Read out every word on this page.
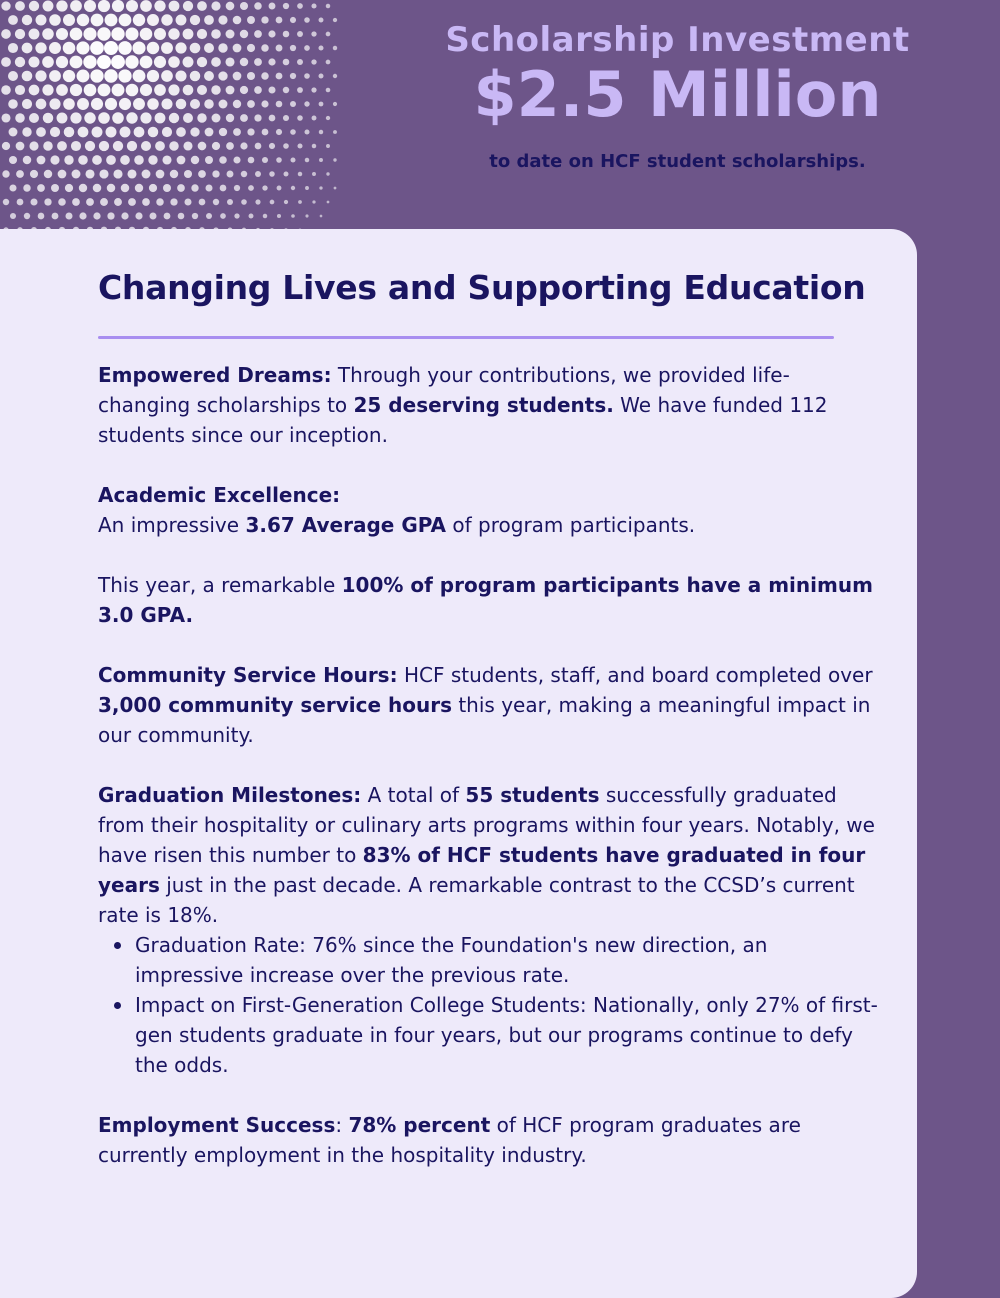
Scholarship Investment
$2.5 Million
to date on HCF student scholarships.
Changing Lives and Supporting Education

Empowered Dreams: Through your contributions, we provided life-changing scholarships to 25 deserving students. We have funded 112 students since our inception.

Academic Excellence:
An impressive 3.67 Average GPA of program participants.

This year, a remarkable 100% of program participants have a minimum 3.0 GPA.

Community Service Hours: HCF students, staff, and board completed over 3,000 community service hours this year, making a meaningful impact in our community.

Graduation Milestones: A total of 55 students successfully graduated from their hospitality or culinary arts programs within four years. Notably, we have risen this number to 83% of HCF students have graduated in four years just in the past decade. A remarkable contrast to the CCSD’s current rate is 18%.

Graduation Rate: 76% since the Foundation's new direction, an impressive increase over the previous rate.
Impact on First-Generation College Students: Nationally, only 27% of first-gen students graduate in four years, but our programs continue to defy the odds.

Employment Success: 78% percent of HCF program graduates are currently employment in the hospitality industry.
